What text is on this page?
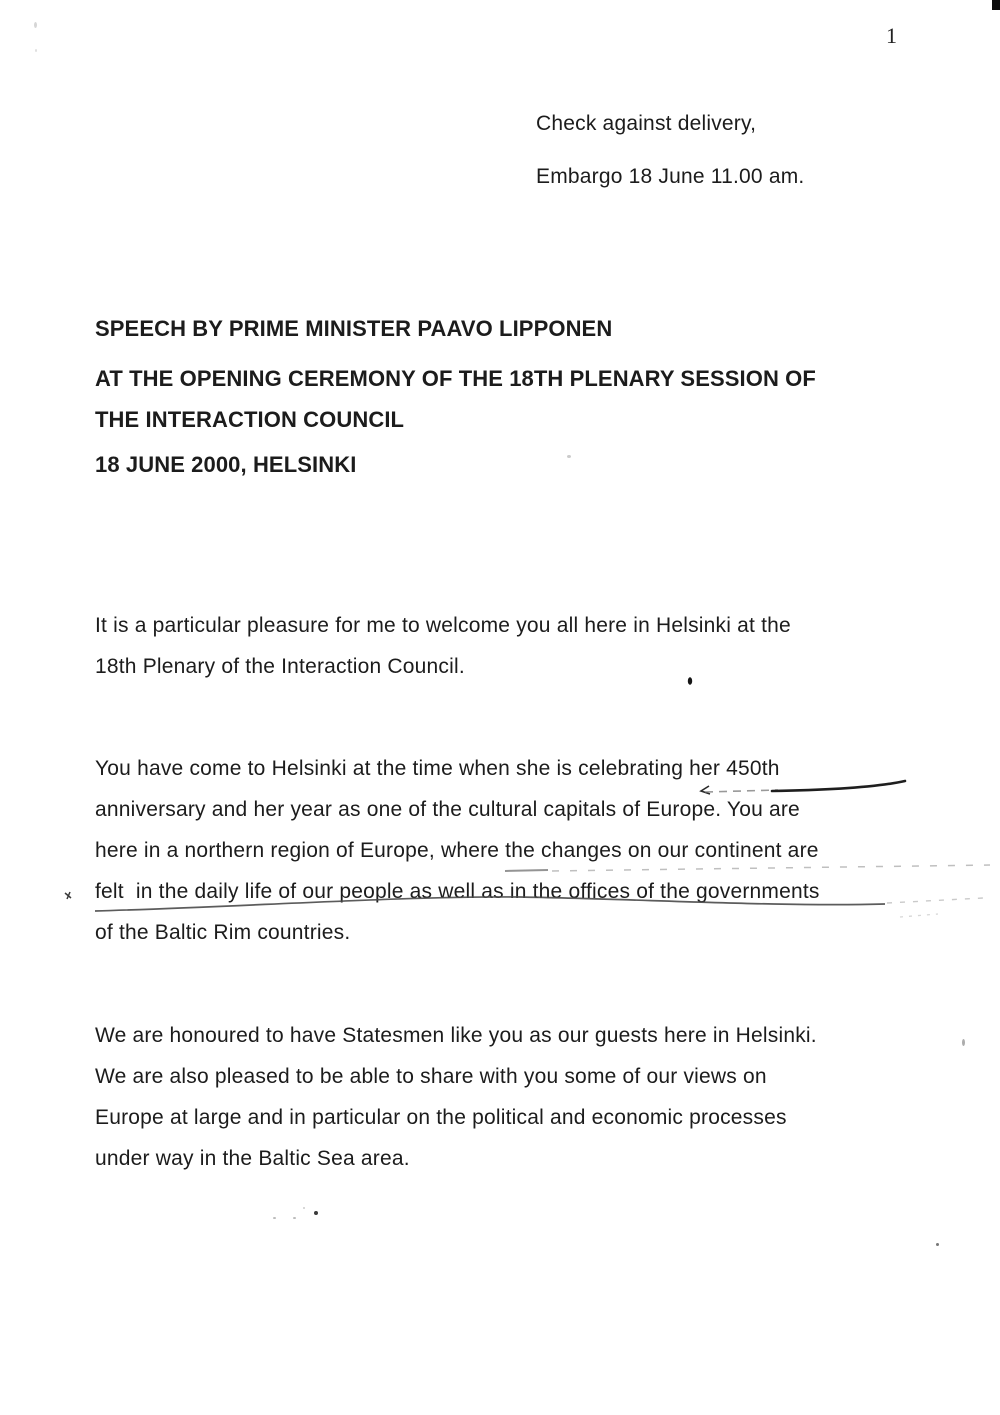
1
Check against delivery,
Embargo 18 June 11.00 am.
SPEECH BY PRIME MINISTER PAAVO LIPPONEN
AT THE OPENING CEREMONY OF THE 18TH PLENARY SESSION OF
THE INTERACTION COUNCIL
18 JUNE 2000, HELSINKI
It is a particular pleasure for me to welcome you all here in Helsinki at the
18th Plenary of the Interaction Council.
You have come to Helsinki at the time when she is celebrating her 450th
anniversary and her year as one of the cultural capitals of Europe. You are
here in a northern region of Europe, where the changes on our continent are
felt  in the daily life of our people as well as in the offices of the governments
of the Baltic Rim countries.
We are honoured to have Statesmen like you as our guests here in Helsinki.
We are also pleased to be able to share with you some of our views on
Europe at large and in particular on the political and economic processes
under way in the Baltic Sea area.
